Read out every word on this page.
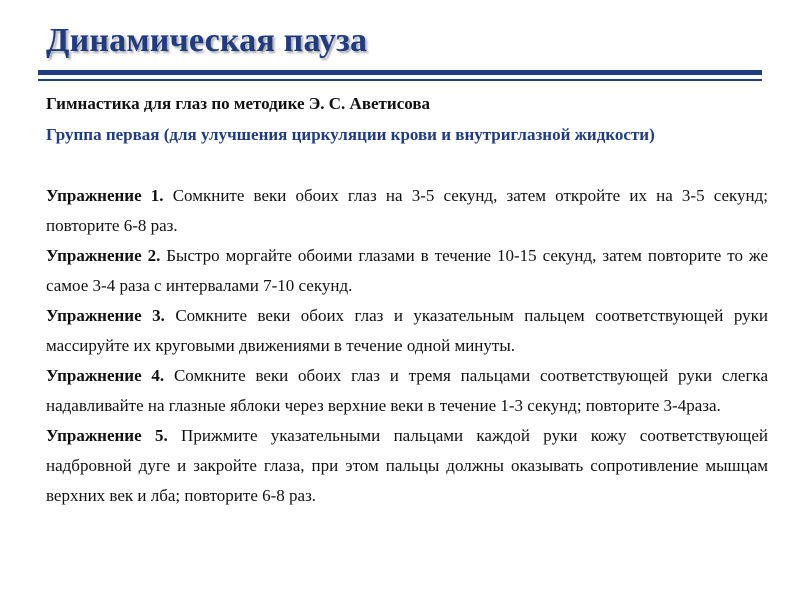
Динамическая пауза
Гимнастика для глаз по методике Э. С. Аветисова
Группа первая (для улучшения циркуляции крови и внутриглазной жидкости)

Упражнение 1. Сомкните веки обоих глаз на 3-5 секунд, затем откройте их на 3-5 секунд; повторите 6-8 раз.

Упражнение 2. Быстро моргайте обоими глазами в течение 10-15 секунд, затем повторите то же самое 3-4 раза с интервалами 7-10 секунд.

Упражнение 3. Сомкните веки обоих глаз и указательным пальцем соответствующей руки массируйте их круговыми движениями в течение одной минуты.

Упражнение 4. Сомкните веки обоих глаз и тремя пальцами соответствующей руки слегка надавливайте на глазные яблоки через верхние веки в течение 1-3 секунд; повторите 3-4раза.

Упражнение 5. Прижмите указательными пальцами каждой руки кожу соответствующей надбровной дуге и закройте глаза, при этом пальцы должны оказывать сопротивление мышцам верхних век и лба; повторите 6-8 раз.
